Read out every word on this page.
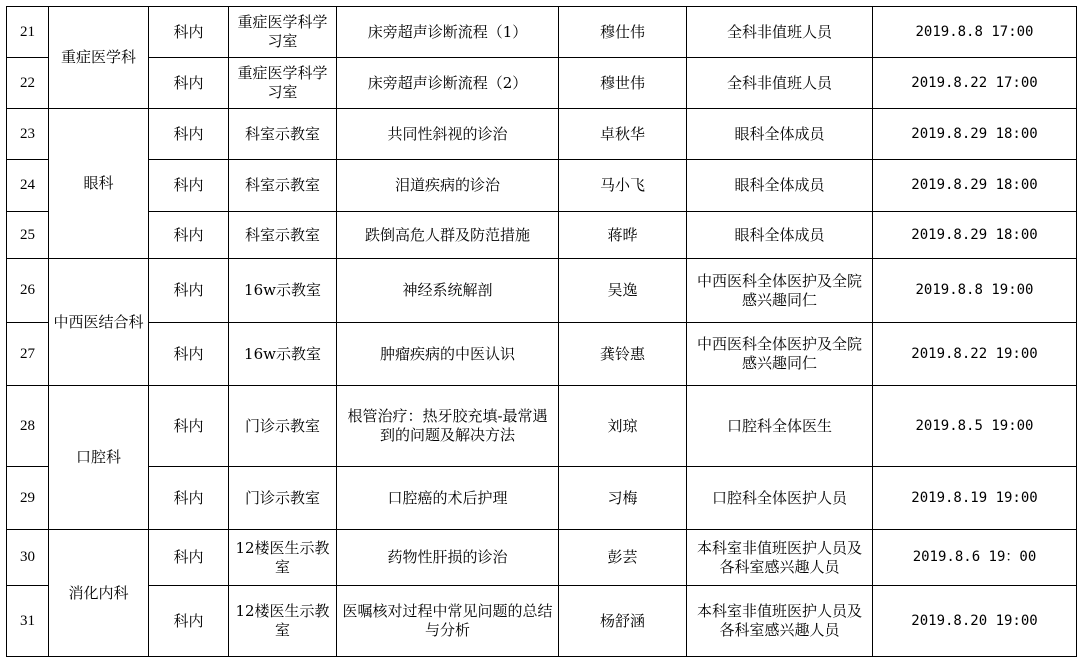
21	重症医学科	科内	重症医学科学习室	床旁超声诊断流程（1）	穆仕伟	全科非值班人员	2019.8.8 17:00
22		科内	重症医学科学习室	床旁超声诊断流程（2）	穆世伟	全科非值班人员	2019.8.22 17:00
23	眼科	科内	科室示教室	共同性斜视的诊治	卓秋华	眼科全体成员	2019.8.29 18:00
24		科内	科室示教室	泪道疾病的诊治	马小飞	眼科全体成员	2019.8.29 18:00
25		科内	科室示教室	跌倒高危人群及防范措施	蒋晔	眼科全体成员	2019.8.29 18:00
26	中西医结合科	科内	16w示教室	神经系统解剖	吴逸	中西医科全体医护及全院感兴趣同仁	2019.8.8 19:00
27		科内	16w示教室	肿瘤疾病的中医认识	龚铃惠	中西医科全体医护及全院感兴趣同仁	2019.8.22 19:00
28	口腔科	科内	门诊示教室	根管治疗：热牙胶充填-最常遇到的问题及解决方法	刘琼	口腔科全体医生	2019.8.5 19:00
29		科内	门诊示教室	口腔癌的术后护理	习梅	口腔科全体医护人员	2019.8.19 19:00
30	消化内科	科内	12楼医生示教室	药物性肝损的诊治	彭芸	本科室非值班医护人员及各科室感兴趣人员	2019.8.6 19：00
31		科内	12楼医生示教室	医嘱核对过程中常见问题的总结与分析	杨舒涵	本科室非值班医护人员及各科室感兴趣人员	2019.8.20 19:00
